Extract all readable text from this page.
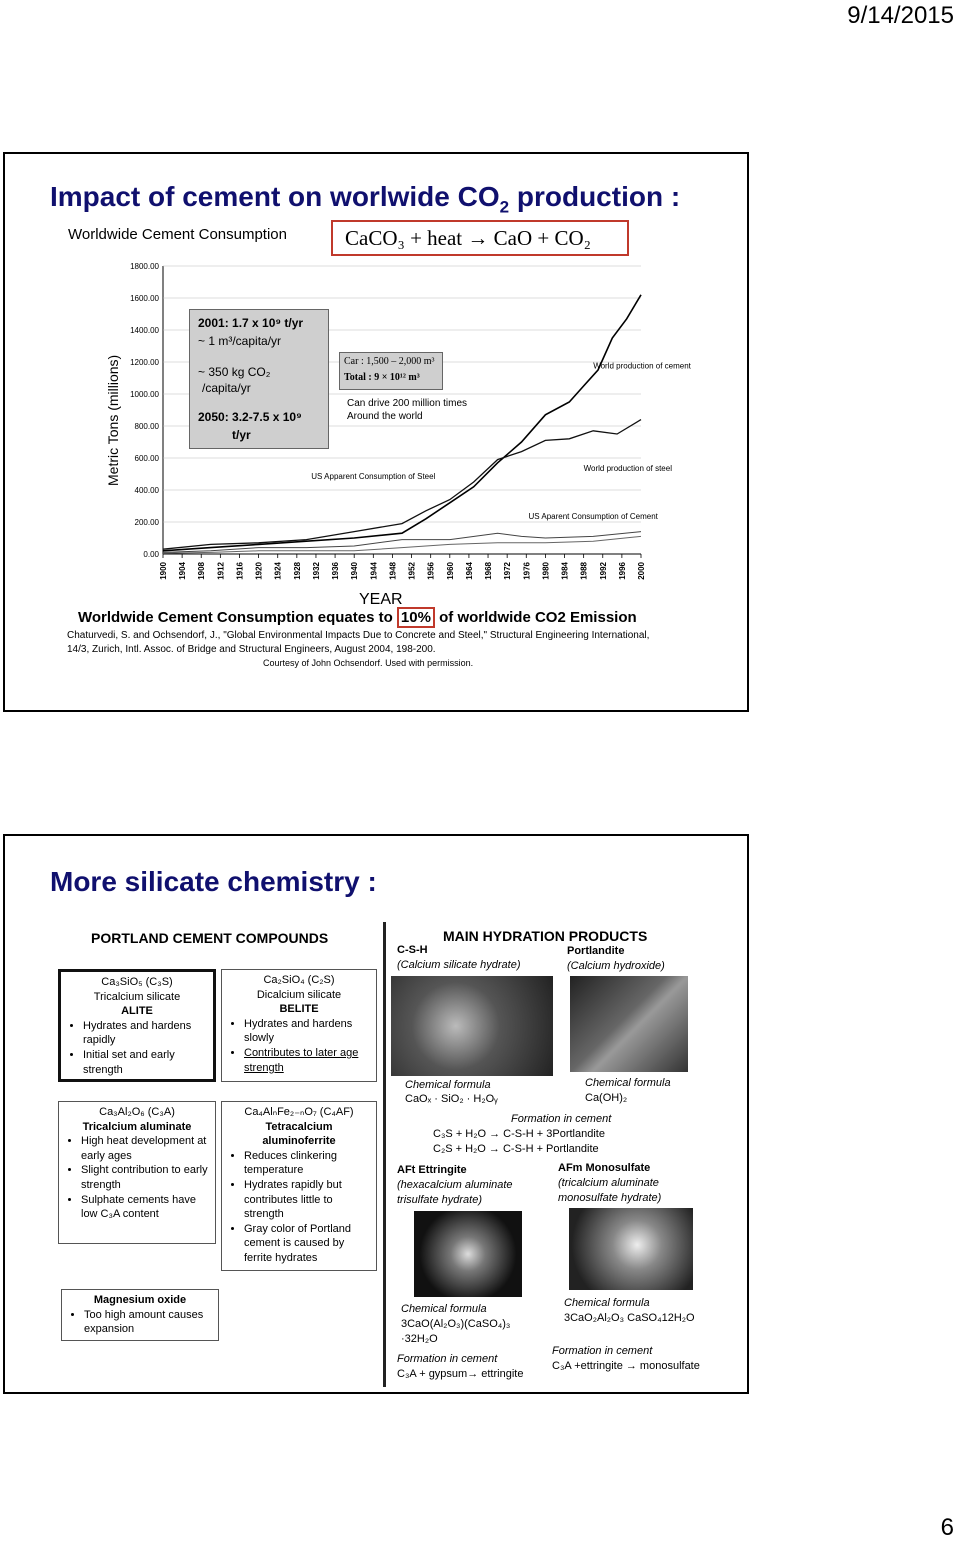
9/14/2015
Impact of cement on worlwide $CO_2$ production :
Worldwide Cement Consumption	CaCO₃ + heat → CaO + CO₂
0.00
200.00
400.00
600.00
800.00
1000.00
1200.00
1400.00
1600.00
1800.00
1900 1904 1908 1912 1916 1920 1924 1928 1932 1936 1940 1944 1948 1952 1956 1960 1964 1968 1972 1976 1980 1984 1988 1992 1996 2000
World production of cement
World production of steel
US Apparent Consumption of Steel
US Aparent Consumption of Cement
Metric Tons (millions)
2001: 1.7 x 10⁹ t/yr
~ 1 m³/capita/yr
~ 350 kg CO₂
/capita/yr
2050: 3.2-7.5 x 10⁹
t/yr
Car : 1,500 – 2,000 m³
Total : 9 × 10¹² m³
Can drive 200 million times
Around the world
YEAR
Worldwide Cement Consumption equates to 10% of worldwide CO2 Emission
Chaturvedi, S. and Ochsendorf, J., "Global Environmental Impacts Due to Concrete and Steel," Structural Engineering International,
14/3, Zurich, Intl. Assoc. of Bridge and Structural Engineers, August 2004, 198-200.
Courtesy of John Ochsendorf. Used with permission.
More silicate chemistry :
PORTLAND CEMENT COMPOUNDS	MAIN HYDRATION PRODUCTS
Ca₃SiO₅ (C₃S)
Tricalcium silicate
ALITE
• Hydrates and hardens rapidly
• Initial set and early strength
Ca₂SiO₄ (C₂S)
Dicalcium silicate
BELITE
• Hydrates and hardens slowly
• Contributes to later age strength
Ca₃Al₂O₆ (C₃A)
Tricalcium aluminate
• High heat development at early ages
• Slight contribution to early strength
• Sulphate cements have low C₃A content
Ca₄AlₙFe₂₋ₙO₇ (C₄AF)
Tetracalcium
aluminoferrite
• Reduces clinkering temperature
• Hydrates rapidly but contributes little to strength
• Gray color of Portland cement is caused by ferrite hydrates
Magnesium oxide
• Too high amount causes expansion
C-S-H
(Calcium silicate hydrate)
Portlandite
(Calcium hydroxide)
Chemical formula
CaOₓ · SiO₂ · H₂Oᵧ
Chemical formula
Ca(OH)₂
Formation in cement
C₃S + H₂O → C-S-H + 3Portlandite
C₂S + H₂O → C-S-H + Portlandite
AFt Ettringite
(hexacalcium aluminate
trisulfate hydrate)
AFm Monosulfate
(tricalcium aluminate
monosulfate hydrate)
Chemical formula
3CaO(Al₂O₃)(CaSO₄)₃
·32H₂O
Formation in cement
C₃A + gypsum→ ettringite
Chemical formula
3CaO₂Al₂O₃ CaSO₄12H₂O
Formation in cement
C₃A +ettringite → monosulfate
6
